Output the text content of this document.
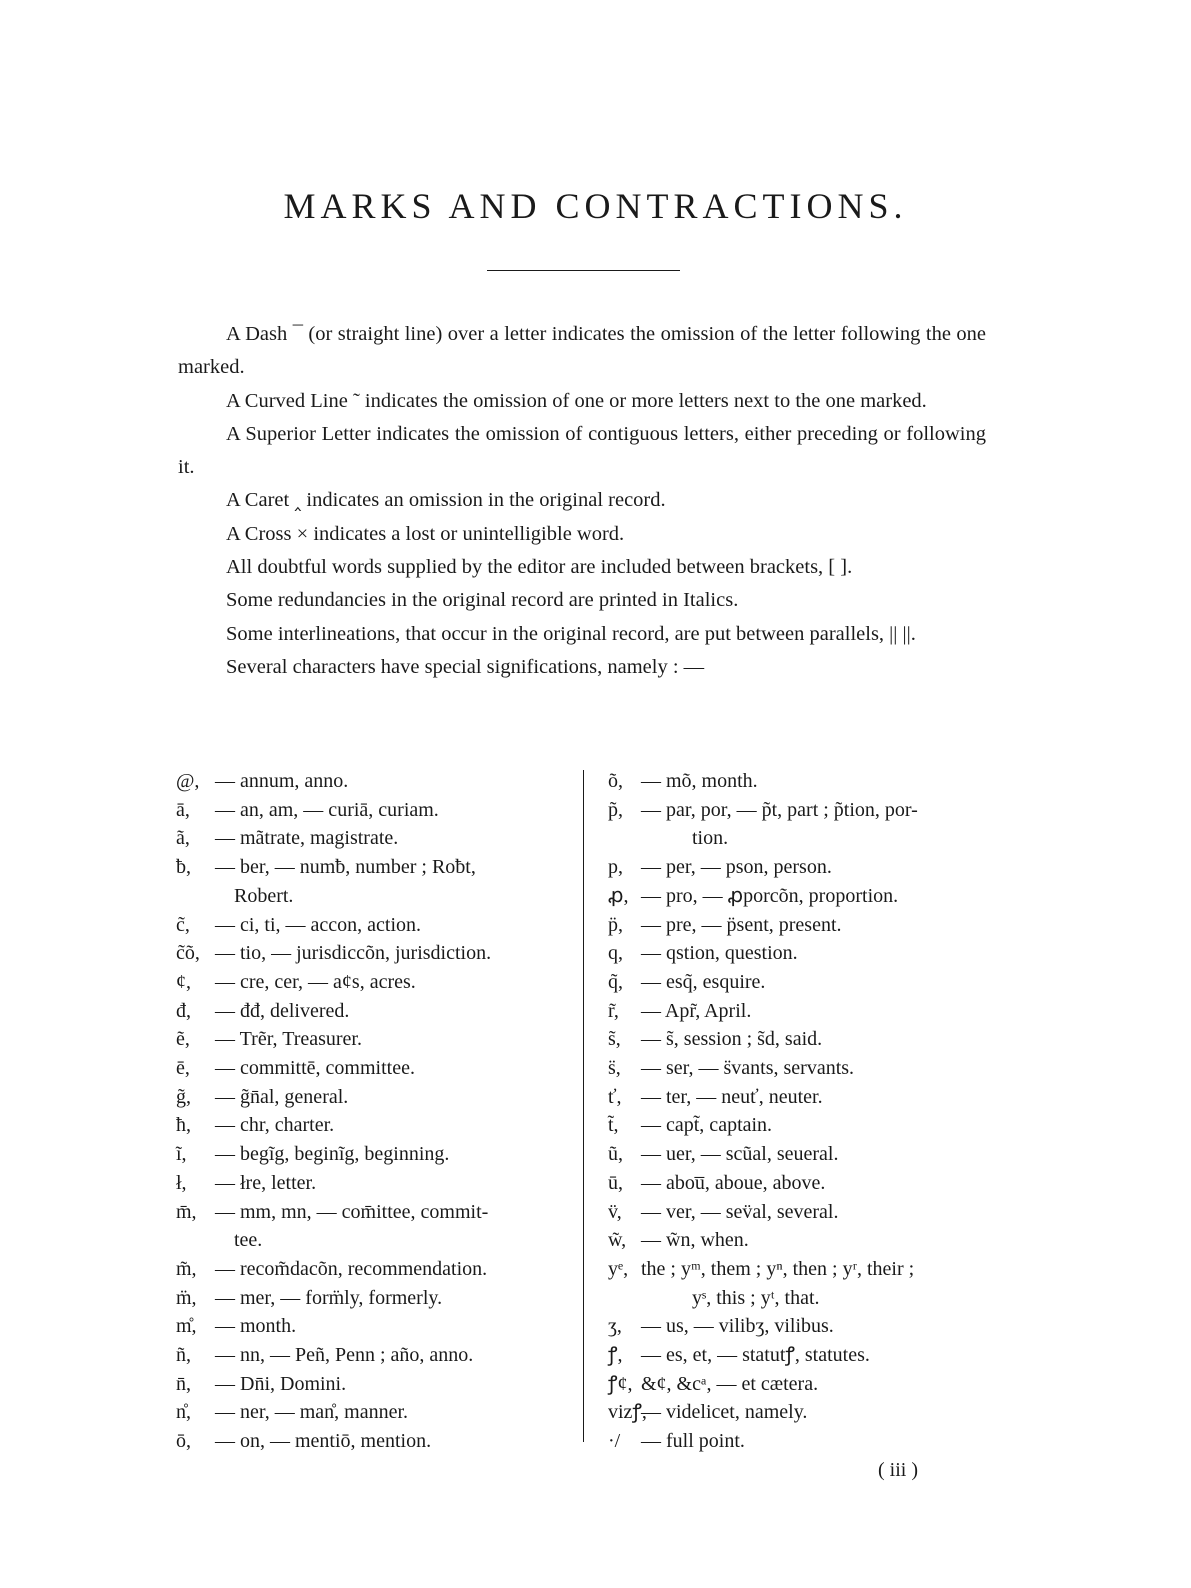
MARKS AND CONTRACTIONS.

A Dash ¯ (or straight line) over a letter indicates the omission of the letter following the one marked.

A Curved Line ˜ indicates the omission of one or more letters next to the one marked.

A Superior Letter indicates the omission of contiguous letters, either preceding or following it.

A Caret ‸ indicates an omission in the original record.

A Cross × indicates a lost or unintelligible word.

All doubtful words supplied by the editor are included between brackets, [ ].

Some redundancies in the original record are printed in Italics.

Some interlineations, that occur in the original record, are put between parallels, || ||.

Several characters have special significations, namely : —

@, — annum, anno.
ā, — an, am, — curiā, curiam.
ã, — mãtrate, magistrate.
ƀ, — ber, — numƀ, number ; Roƀt,
Robert.
c̃, — ci, ti, — accon, action.
c̃õ, — tio, — jurisdiccõn, jurisdiction.
ȼ, — cre, cer, — aȼs, acres.
đ, — đđ, delivered.
ẽ, — Trẽr, Treasurer.
ē, — committē, committee.
g̃, — g̃n̄al, general.
ħ, — chr, charter.
ĩ, — begĩg, beginĩg, beginning.
ł, — łre, letter.
m̄, — mm, mn, — com̄ittee, commit-
tee.
m̃, — recom̃dacõn, recommendation.
m̈, — mer, — form̈ly, formerly.
m̊, — month.
ñ, — nn, — Peñ, Penn ; año, anno.
n̄, — Dn̄i, Domini.
n̊, — ner, — man̊, manner.
ō, — on, — mentiō, mention.
õ, — mõ, month.
p̃, — par, por, — p̃t, part ; p̃tion, por-
tion.
p, — per, — pson, person.
ꝓ, — pro, — ꝓporcõn, proportion.
p̈, — pre, — p̈sent, present.
q, — qstion, question.
q̃, — esq̃, esquire.
r̃, — Apr̃, April.
s̃, — s̃, session ; s̃d, said.
s̈, — ser, — s̈vants, servants.
ť, — ter, — neuť, neuter.
t̃, — capt̃, captain.
ũ, — uer, — scũal, seueral.
ū, — abou̅, aboue, above.
v̈, — ver, — sev̈al, several.
w̃, — w̃n, when.
yᵉ, the ; yᵐ, them ; yⁿ, then ; yʳ, their ;
yˢ, this ; yᵗ, that.
ʒ, — us, — vilibʒ, vilibus.
ꝭ, — es, et, — statutꝭ, statutes.
ꝭȼ, &ȼ, &cᵃ, — et cætera.
vizꝭ, — videlicet, namely.
·/ — full point.
( iii )
